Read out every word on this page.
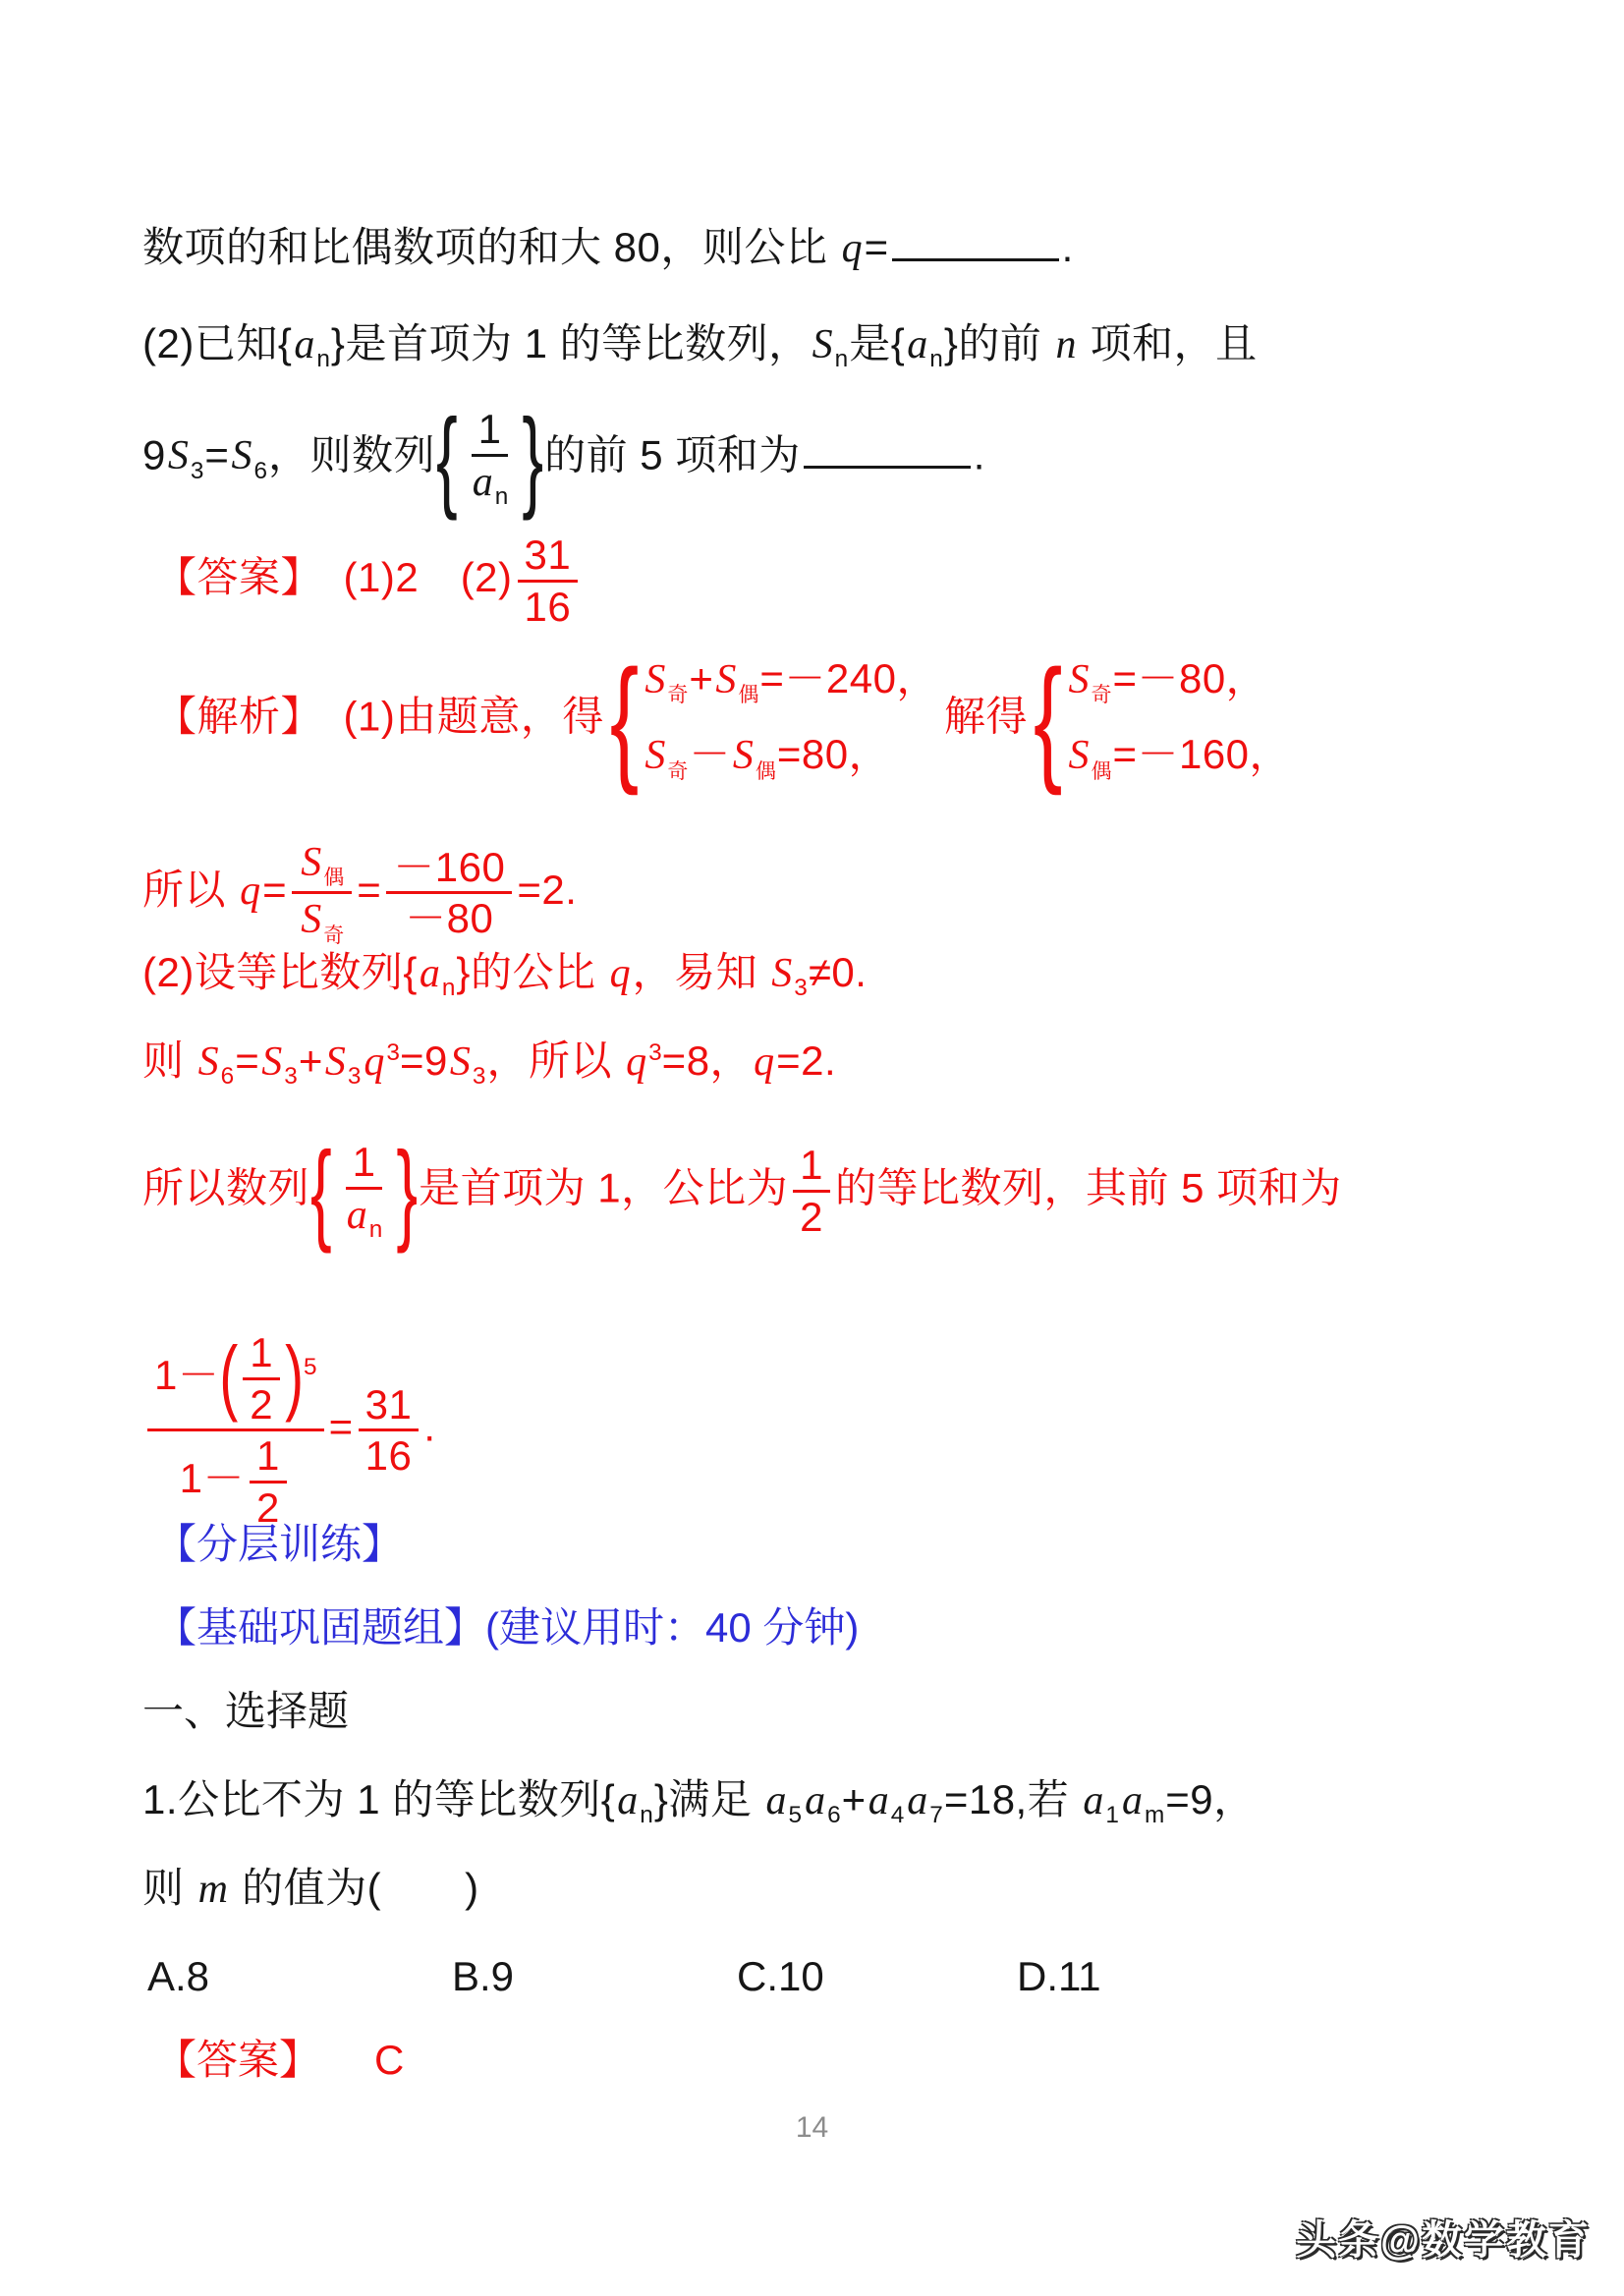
数项的和比偶数项的和大 80，则公比 q=	.
(2)已知$\{a_n\}$是首项为 1 的等比数列，$S_n$是$\{a_n\}$的前 n 项和，且
$9S_3=S_6$，则数列{ $\frac{1}{a_n}$ }的前 5 项和为	.
【答案】　(1)2　$(2) \frac{31}{16}$
【解析】　(1)由题意，得 { $S_奇+S_偶=-240$，
$S_奇-S_偶=80$，
解得 { $S_奇=-80$，
$S_偶=-160$，
所以 $q= \frac{S_偶}{S_奇} = \frac{-160}{-80} =2$.
(2)设等比数列$\{a_n\}$的公比 q，易知 $S_3\ne 0$.
则 $S_6=S_3+S_3q^3=9S_3$，所以 $q^3=8$，q=2.
所以数列{ $\frac{1}{a_n}$ }是首项为 1，公比为 $\frac{1}{2}$ 的等比数列，其前 5 项和为
$\frac{1-( \frac{1}{2} )^5}{1- \frac{1}{2}} = \frac{31}{16}$ .
【分层训练】
【基础巩固题组】(建议用时：40 分钟)
一、选择题
1.公比不为 1 的等比数列$\{a_n\}$满足 $a_5a_6+a_4a_7=18$,若 $a_1a_m=9$，
则 m 的值为(　　)
A.8	B.9	C.10	D.11
【答案】 C
14
头条@数学教育
